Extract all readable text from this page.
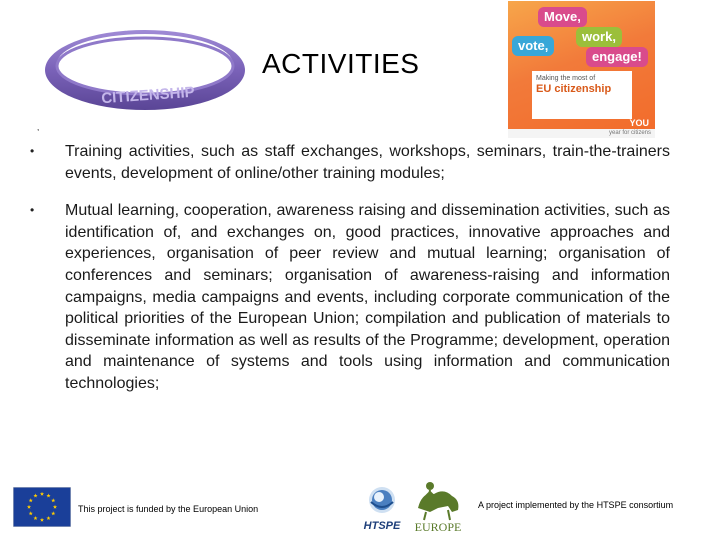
CITIZENSHIP
ACTIVITIES
Move,
work,
vote,
engage!
Making the most of
EU citizenship
YOU
year for citizens
,
• Training activities, such as staff exchanges, workshops, seminars, train-the-trainers events, development of online/other training modules;
• Mutual learning, cooperation, awareness raising and dissemination activities, such as identification of, and exchanges on, good practices, innovative approaches and experiences, organisation of peer review and mutual learning; organisation of conferences and seminars; organisation of awareness-raising and information campaigns, media campaigns and events, including corporate communication of the political priorities of the European Union; compilation and publication of materials to disseminate information as well as results of the Programme; development, operation and maintenance of systems and tools using information and communication technologies;
This project is funded by the European Union
HTSPE EUROPE
A project implemented by the HTSPE consortium
